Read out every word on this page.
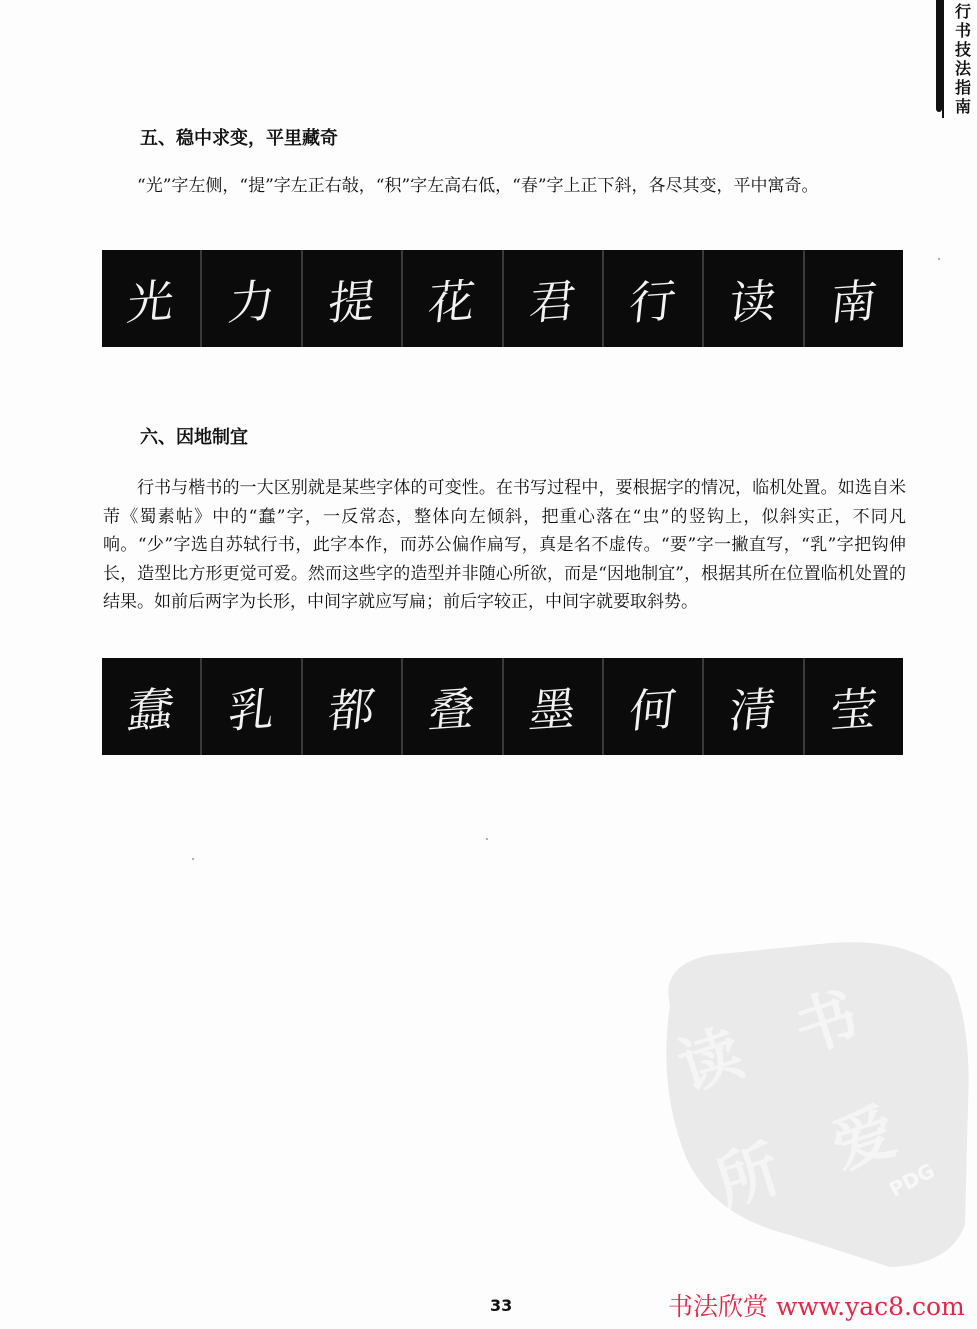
行书技法指南
五、稳中求变，平里藏奇
“光”字左侧，“提”字左正右敧，“积”字左高右低，“春”字上正下斜，各尽其变，平中寓奇。
光 力 提 花 君 行 读 南
六、因地制宜
行书与楷书的一大区别就是某些字体的可变性。在书写过程中，要根据字的情况，临机处置。如选自米芾《蜀素帖》中的“蠢”字，一反常态，整体向左倾斜，把重心落在“虫”的竖钩上，似斜实正，不同凡响。“少”字选自苏轼行书，此字本作，而苏公偏作扁写，真是名不虚传。“要”字一撇直写，“乳”字把钩伸长，造型比方形更觉可爱。然而这些字的造型并非随心所欲，而是“因地制宜”，根据其所在位置临机处置的结果。如前后两字为长形，中间字就应写扁；前后字较正，中间字就要取斜势。
蠢 乳 都 叠 墨 何 清 莹
读 书
所 爱
PDG
33	书法欣赏 www.yac8.com
